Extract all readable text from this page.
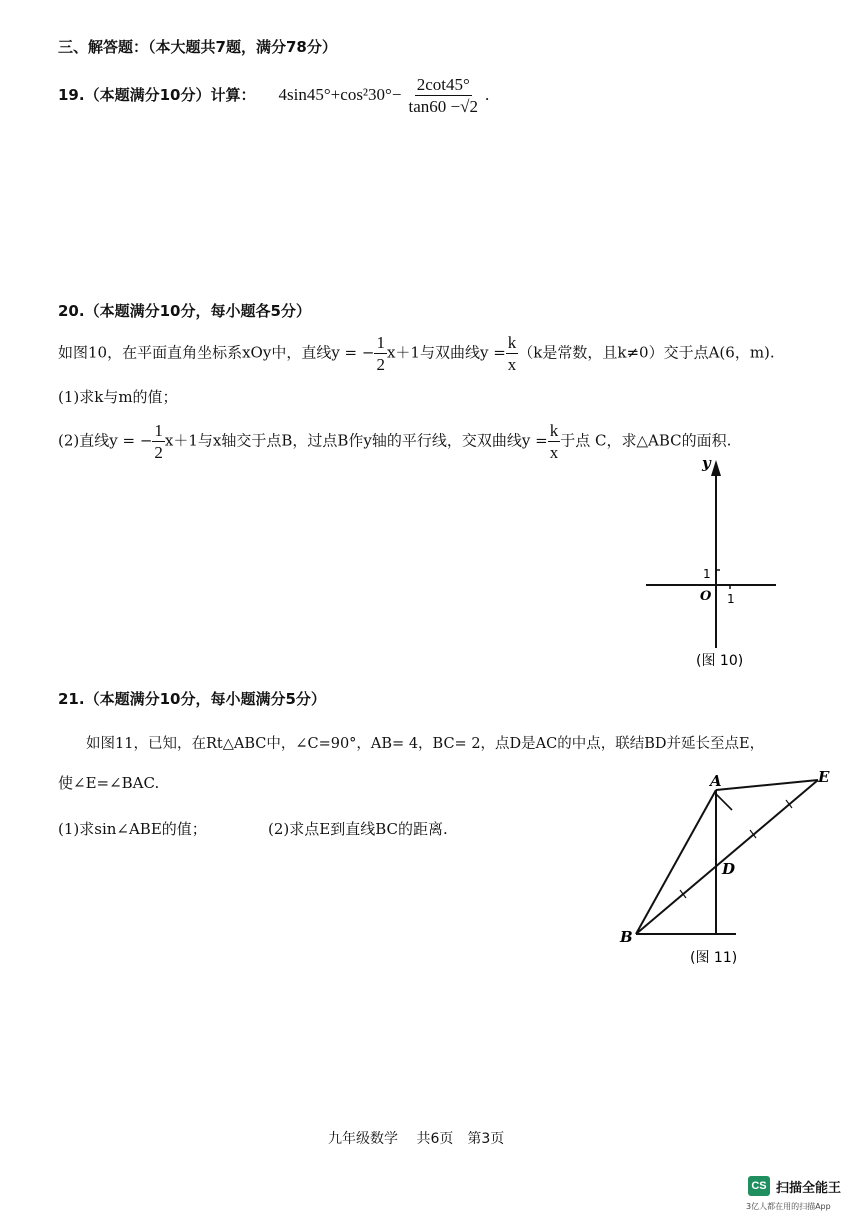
三、解答题：（本大题共7题，满分78分）
19.（本题满分10分）计算： $4\sin 45^\circ+\cos^230^\circ- \frac{2\cot 45^\circ}{\tan 60 -√2}$ .
20.（本题满分10分，每小题各5分）
如图10，在平面直角坐标系xOy中，直线y = − $\frac{1}{2} x+1$与双曲线$y = \frac{k}{x} (k$是常数，且k≠0）交于点A(6，m).
(1)求k与m的值；
(2)直线y = − $\frac{1}{2} x+1$与x轴交于点B，过点B作y轴的平行线，交双曲线$y = \frac{k}{x}$ 于点 C，求△ABC的面积.
y
1
O 1
(图 10)
21.（本题满分10分，每小题满分5分）
如图11，已知，在Rt△ABC中，∠C=90°，AB= 4，BC= 2，点D是AC的中点，联结BD并延长至点E，
使∠E=∠BAC.
(1)求sin∠ABE的值；	(2)求点E到直线BC的距离.
A	E
D
B
(图 11)
九年级数学　 共6页　第3页
CS 扫描全能王
3亿人都在用的扫描App
